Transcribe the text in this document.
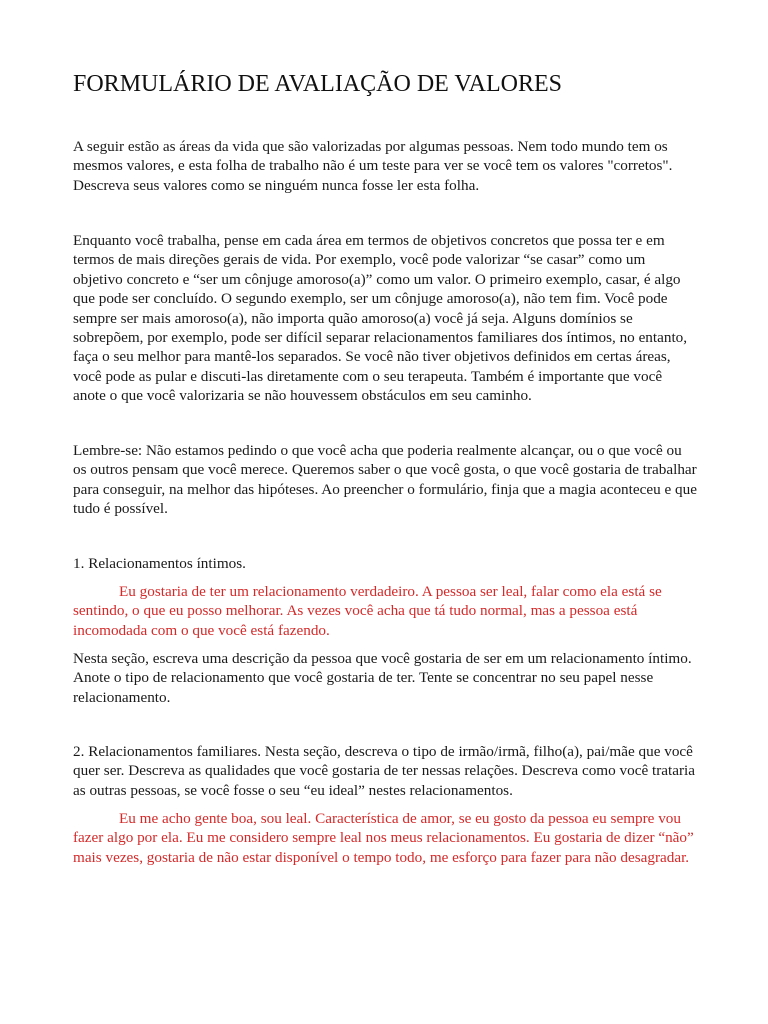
FORMULÁRIO DE AVALIAÇÃO DE VALORES

A seguir estão as áreas da vida que são valorizadas por algumas pessoas. Nem todo mundo tem os mesmos valores, e esta folha de trabalho não é um teste para ver se você tem os valores "corretos". Descreva seus valores como se ninguém nunca fosse ler esta folha.

Enquanto você trabalha, pense em cada área em termos de objetivos concretos que possa ter e em termos de mais direções gerais de vida. Por exemplo, você pode valorizar “se casar” como um objetivo concreto e “ser um cônjuge amoroso(a)” como um valor. O primeiro exemplo, casar, é algo que pode ser concluído. O segundo exemplo, ser um cônjuge amoroso(a), não tem fim. Você pode sempre ser mais amoroso(a), não importa quão amoroso(a) você já seja. Alguns domínios se sobrepõem, por exemplo, pode ser difícil separar relacionamentos familiares dos íntimos, no entanto, faça o seu melhor para mantê-los separados. Se você não tiver objetivos definidos em certas áreas, você pode as pular e discuti-las diretamente com o seu terapeuta. Também é importante que você anote o que você valorizaria se não houvessem obstáculos em seu caminho.

Lembre-se: Não estamos pedindo o que você acha que poderia realmente alcançar, ou o que você ou os outros pensam que você merece. Queremos saber o que você gosta, o que você gostaria de trabalhar para conseguir, na melhor das hipóteses. Ao preencher o formulário, finja que a magia aconteceu e que tudo é possível.

1. Relacionamentos íntimos.

Eu gostaria de ter um relacionamento verdadeiro. A pessoa ser leal, falar como ela está se sentindo, o que eu posso melhorar. As vezes você acha que tá tudo normal, mas a pessoa está incomodada com o que você está fazendo.

Nesta seção, escreva uma descrição da pessoa que você gostaria de ser em um relacionamento íntimo. Anote o tipo de relacionamento que você gostaria de ter. Tente se concentrar no seu papel nesse relacionamento.

2. Relacionamentos familiares. Nesta seção, descreva o tipo de irmão/irmã, filho(a), pai/mãe que você quer ser. Descreva as qualidades que você gostaria de ter nessas relações. Descreva como você trataria as outras pessoas, se você fosse o seu “eu ideal” nestes relacionamentos.

Eu me acho gente boa, sou leal. Característica de amor, se eu gosto da pessoa eu sempre vou fazer algo por ela. Eu me considero sempre leal nos meus relacionamentos. Eu gostaria de dizer “não” mais vezes, gostaria de não estar disponível o tempo todo, me esforço para fazer para não desagradar.
